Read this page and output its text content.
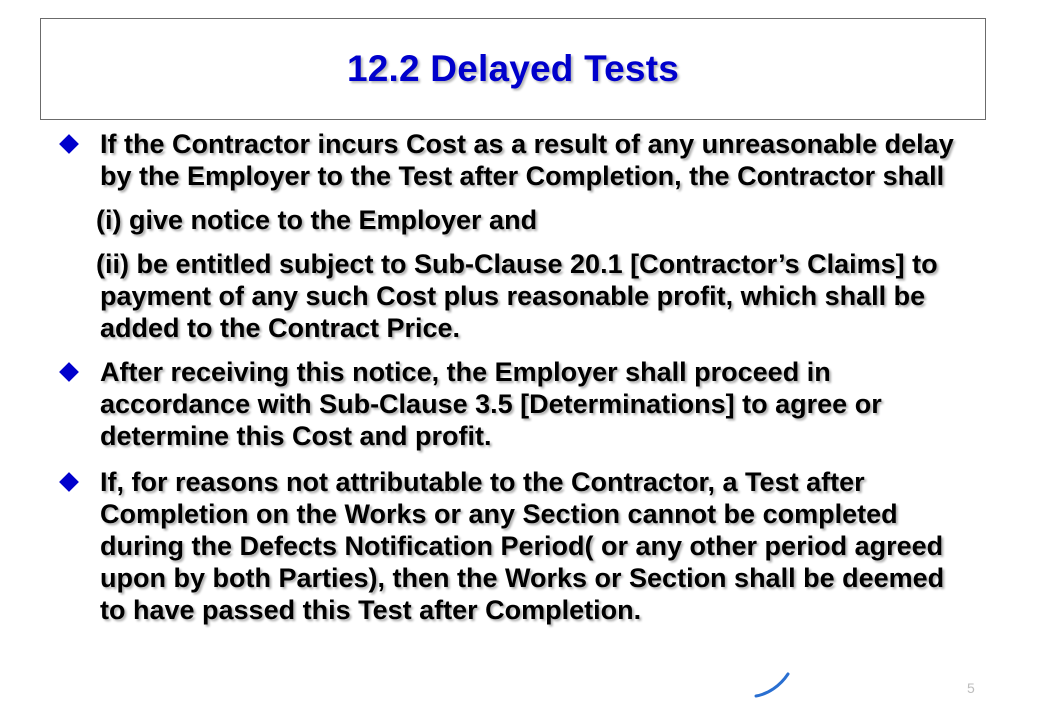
12.2 Delayed Tests
If the Contractor incurs Cost as a result of any unreasonable delay by the Employer to the Test after Completion, the Contractor shall
(i) give notice to the Employer and
(ii) be entitled subject to Sub-Clause 20.1 [Contractor’s Claims] to payment of any such Cost plus reasonable profit, which shall be added to the Contract Price.
After receiving this notice, the Employer shall proceed in accordance with Sub-Clause 3.5 [Determinations] to agree or determine this Cost and profit.
If, for reasons not attributable to the Contractor, a Test after Completion on the Works or any Section cannot be completed during the Defects Notification Period( or any other period agreed upon by both Parties), then the Works or Section shall be deemed to have passed this Test after Completion.
5
